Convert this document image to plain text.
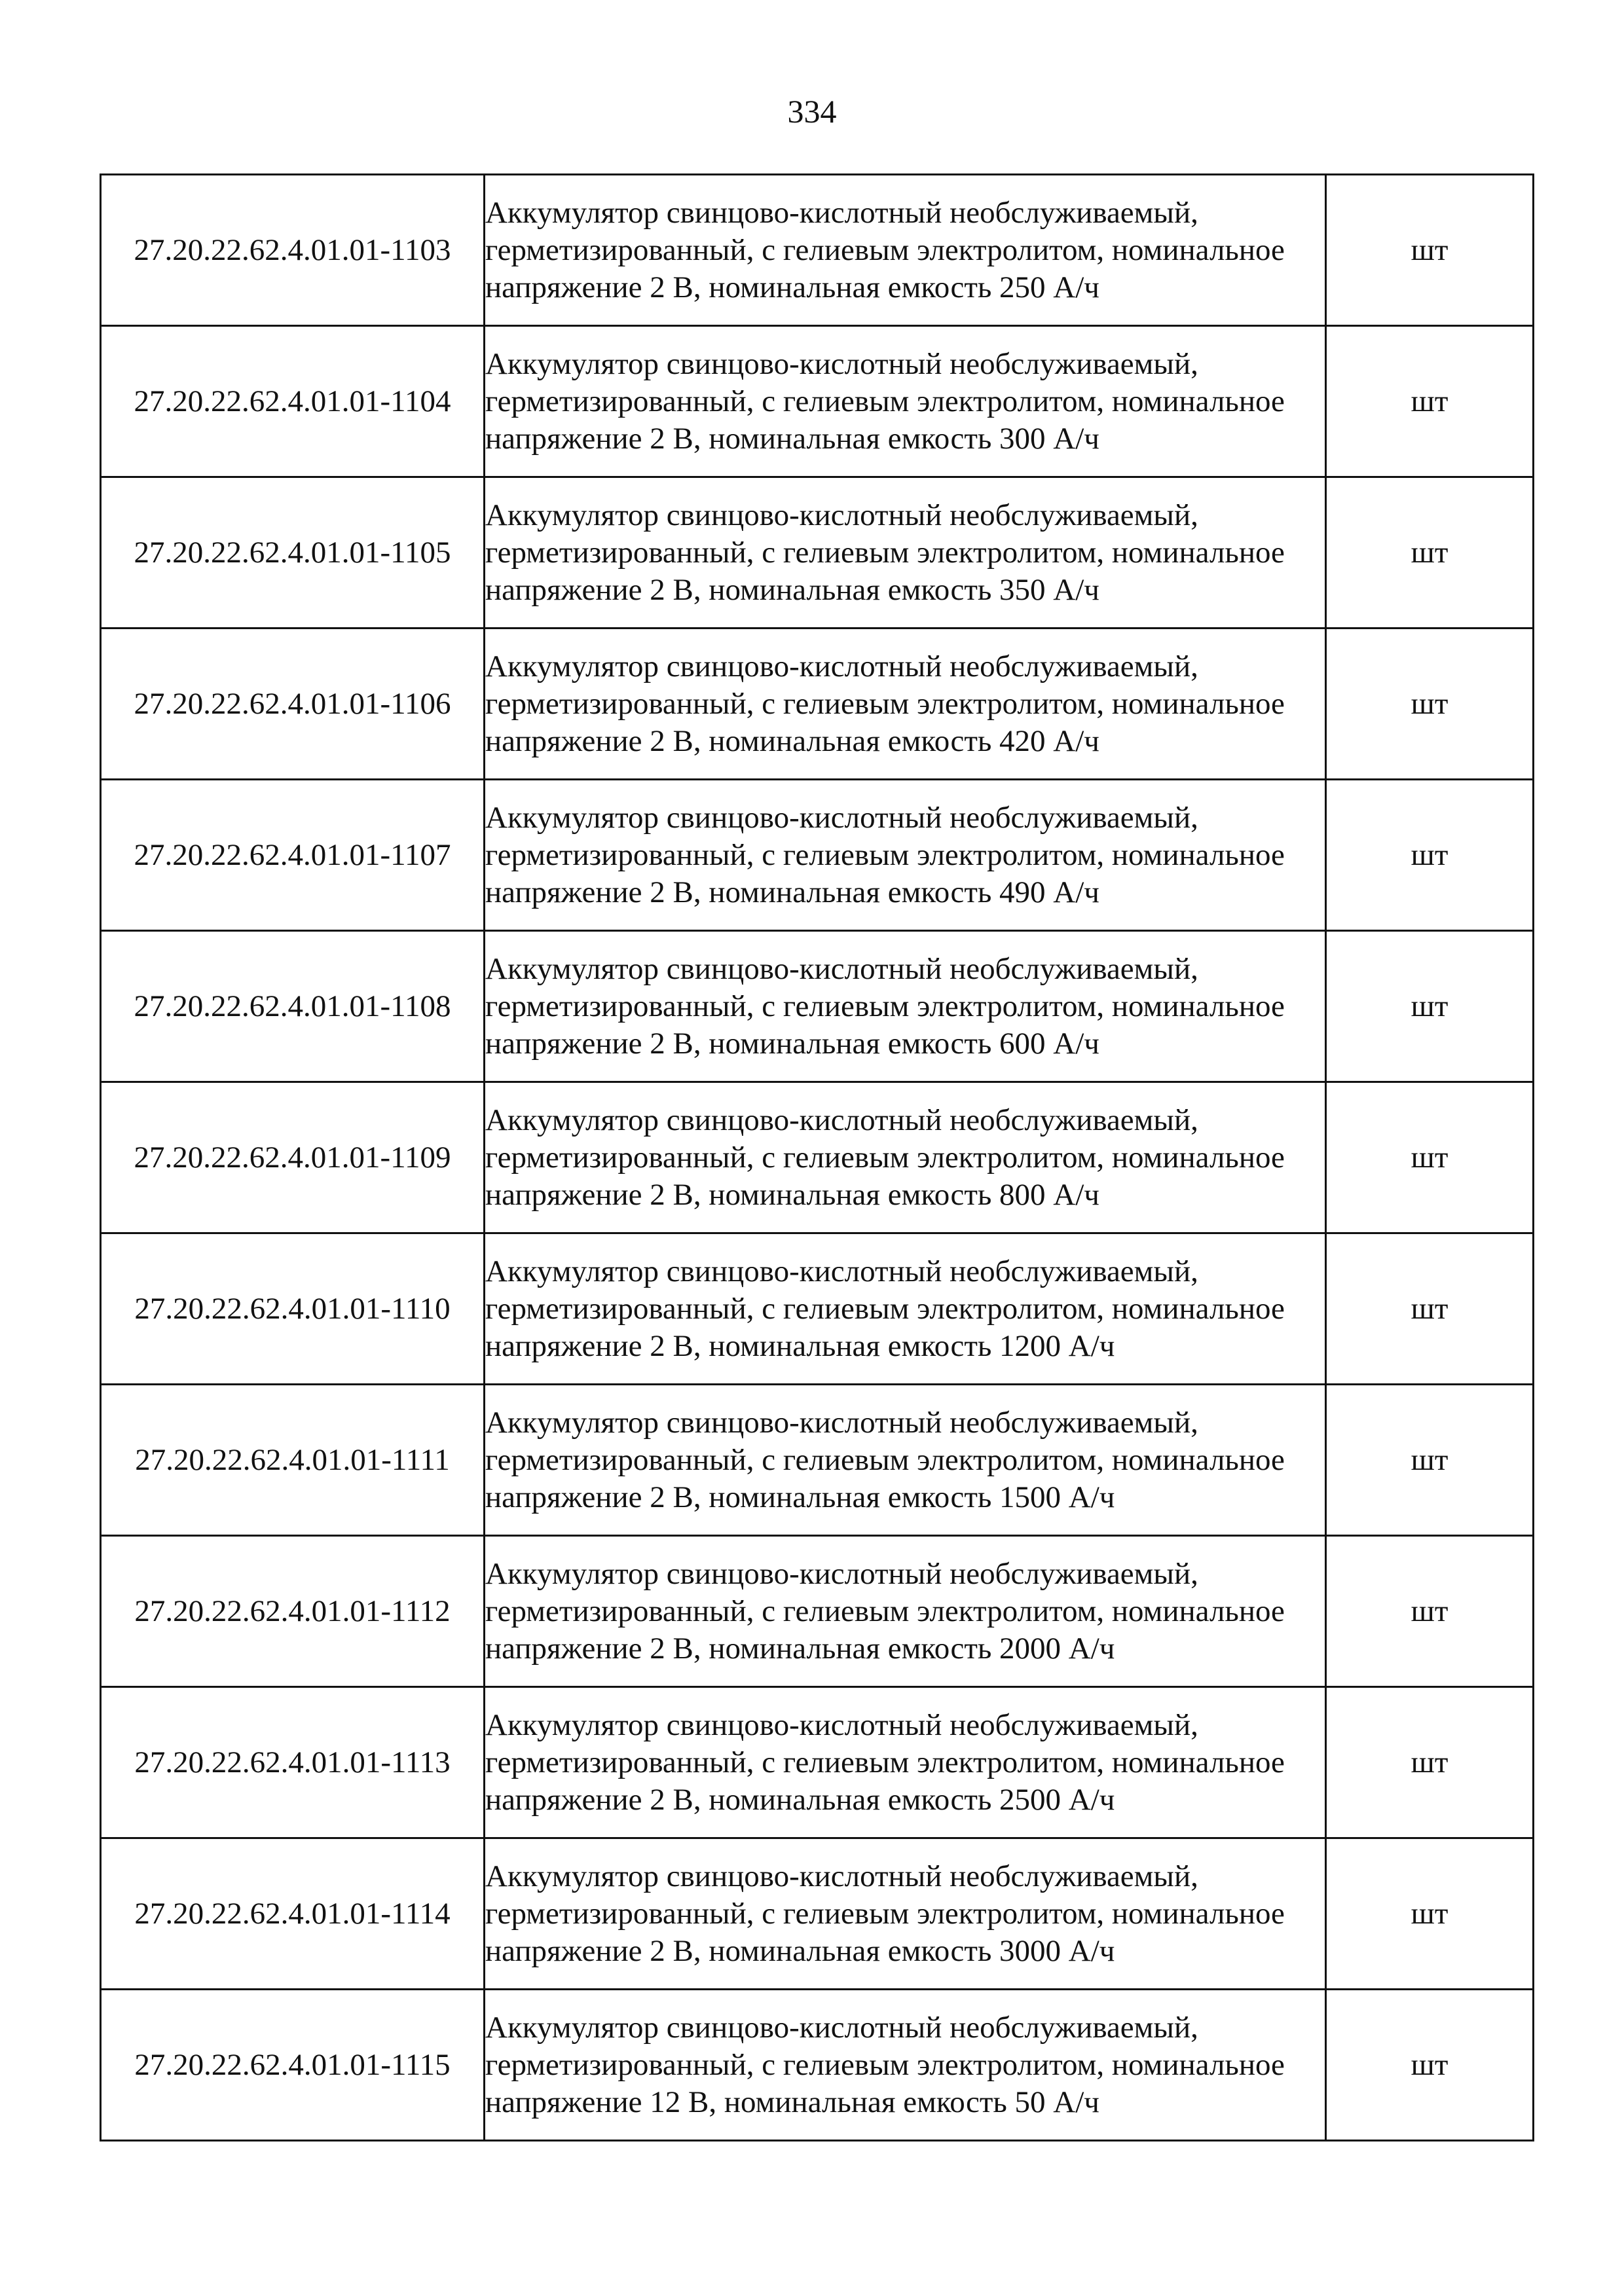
334
27.20.22.62.4.01.01-1103	Аккумулятор свинцово-кислотный необслуживаемый, герметизированный, с гелиевым электролитом, номинальное напряжение 2 В, номинальная емкость 250 А/ч	шт
27.20.22.62.4.01.01-1104	Аккумулятор свинцово-кислотный необслуживаемый, герметизированный, с гелиевым электролитом, номинальное напряжение 2 В, номинальная емкость 300 А/ч	шт
27.20.22.62.4.01.01-1105	Аккумулятор свинцово-кислотный необслуживаемый, герметизированный, с гелиевым электролитом, номинальное напряжение 2 В, номинальная емкость 350 А/ч	шт
27.20.22.62.4.01.01-1106	Аккумулятор свинцово-кислотный необслуживаемый, герметизированный, с гелиевым электролитом, номинальное напряжение 2 В, номинальная емкость 420 А/ч	шт
27.20.22.62.4.01.01-1107	Аккумулятор свинцово-кислотный необслуживаемый, герметизированный, с гелиевым электролитом, номинальное напряжение 2 В, номинальная емкость 490 А/ч	шт
27.20.22.62.4.01.01-1108	Аккумулятор свинцово-кислотный необслуживаемый, герметизированный, с гелиевым электролитом, номинальное напряжение 2 В, номинальная емкость 600 А/ч	шт
27.20.22.62.4.01.01-1109	Аккумулятор свинцово-кислотный необслуживаемый, герметизированный, с гелиевым электролитом, номинальное напряжение 2 В, номинальная емкость 800 А/ч	шт
27.20.22.62.4.01.01-1110	Аккумулятор свинцово-кислотный необслуживаемый, герметизированный, с гелиевым электролитом, номинальное напряжение 2 В, номинальная емкость 1200 А/ч	шт
27.20.22.62.4.01.01-1111	Аккумулятор свинцово-кислотный необслуживаемый, герметизированный, с гелиевым электролитом, номинальное напряжение 2 В, номинальная емкость 1500 А/ч	шт
27.20.22.62.4.01.01-1112	Аккумулятор свинцово-кислотный необслуживаемый, герметизированный, с гелиевым электролитом, номинальное напряжение 2 В, номинальная емкость 2000 А/ч	шт
27.20.22.62.4.01.01-1113	Аккумулятор свинцово-кислотный необслуживаемый, герметизированный, с гелиевым электролитом, номинальное напряжение 2 В, номинальная емкость 2500 А/ч	шт
27.20.22.62.4.01.01-1114	Аккумулятор свинцово-кислотный необслуживаемый, герметизированный, с гелиевым электролитом, номинальное напряжение 2 В, номинальная емкость 3000 А/ч	шт
27.20.22.62.4.01.01-1115	Аккумулятор свинцово-кислотный необслуживаемый, герметизированный, с гелиевым электролитом, номинальное напряжение 12 В, номинальная емкость 50 А/ч	шт
